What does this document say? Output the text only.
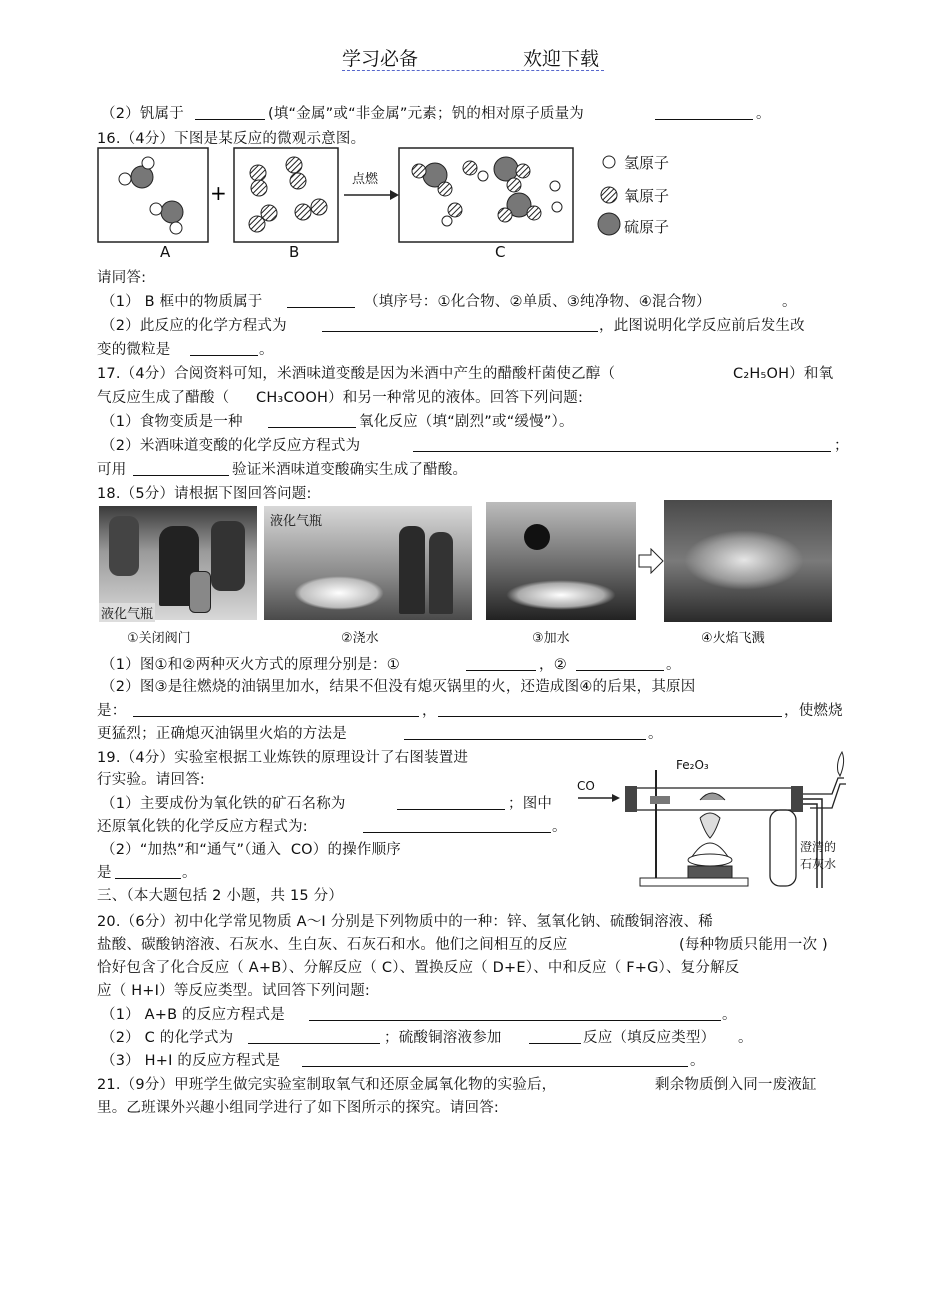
学习必备	欢迎下载
（2）钒属于	(填“金属”或“非金属”元素；钒的相对原子质量为	。
16.（4分）下图是某反应的微观示意图。
+
点燃
氢原子
氧原子
硫原子
A	B	C
请同答:
（1） B 框中的物质属于	（填序号：①化合物、②单质、③纯净物、④混合物）	。
（2）此反应的化学方程式为	，此图说明化学反应前后发生改
变的微粒是	。
17.（4分）合阅资料可知，米酒味道变酸是因为米酒中产生的醋酸杆菌使乙醇（	C₂H₅OH）和氧
气反应生成了醋酸（ CH₃COOH）和另一种常见的液体。回答下列问题:
（1）食物变质是一种	氧化反应（填“剧烈”或“缓慢”）。
（2）米酒味道变酸的化学反应方程式为	；
可用	验证米酒味道变酸确实生成了醋酸。
18.（5分）请根据下图回答问题:
液化气瓶
液化气瓶
①关闭阀门	②浇水	③加水	④火焰飞溅
（1）图①和②两种灭火方式的原理分别是：①	，②	。
（2）图③是往燃烧的油锅里加水，结果不但没有熄灭锅里的火，还造成图④的后果，其原因
是：	，	，使燃烧
更猛烈；正确熄灭油锅里火焰的方法是	。
19.（4分）实验室根据工业炼铁的原理设计了右图装置进
行实验。请回答:
（1）主要成份为氧化铁的矿石名称为	；图中
还原氧化铁的化学反应方程式为:	。
（2）“加热”和“通气”（通入 CO）的操作顺序
是	。
CO
Fe₂O₃
澄清的
石灰水
三、（本大题包括 2 小题，共 15 分）
20.（6分）初中化学常见物质 A～I 分别是下列物质中的一种：锌、氢氧化钠、硫酸铜溶液、稀
盐酸、碳酸钠溶液、石灰水、生白灰、石灰石和水。他们之间相互的反应	(每种物质只能用一次 )
恰好包含了化合反应（ A+B）、分解反应（ C）、置换反应（ D+E）、中和反应（ F+G）、复分解反
应（ H+I）等反应类型。试回答下列问题:
（1） A+B 的反应方程式是	。
（2） C 的化学式为	；硫酸铜溶液参加	反应（填反应类型） 。
（3） H+I 的反应方程式是	。
21.（9分）甲班学生做完实验室制取氧气和还原金属氧化物的实验后，	剩余物质倒入同一废液缸
里。乙班课外兴趣小组同学进行了如下图所示的探究。请回答:
